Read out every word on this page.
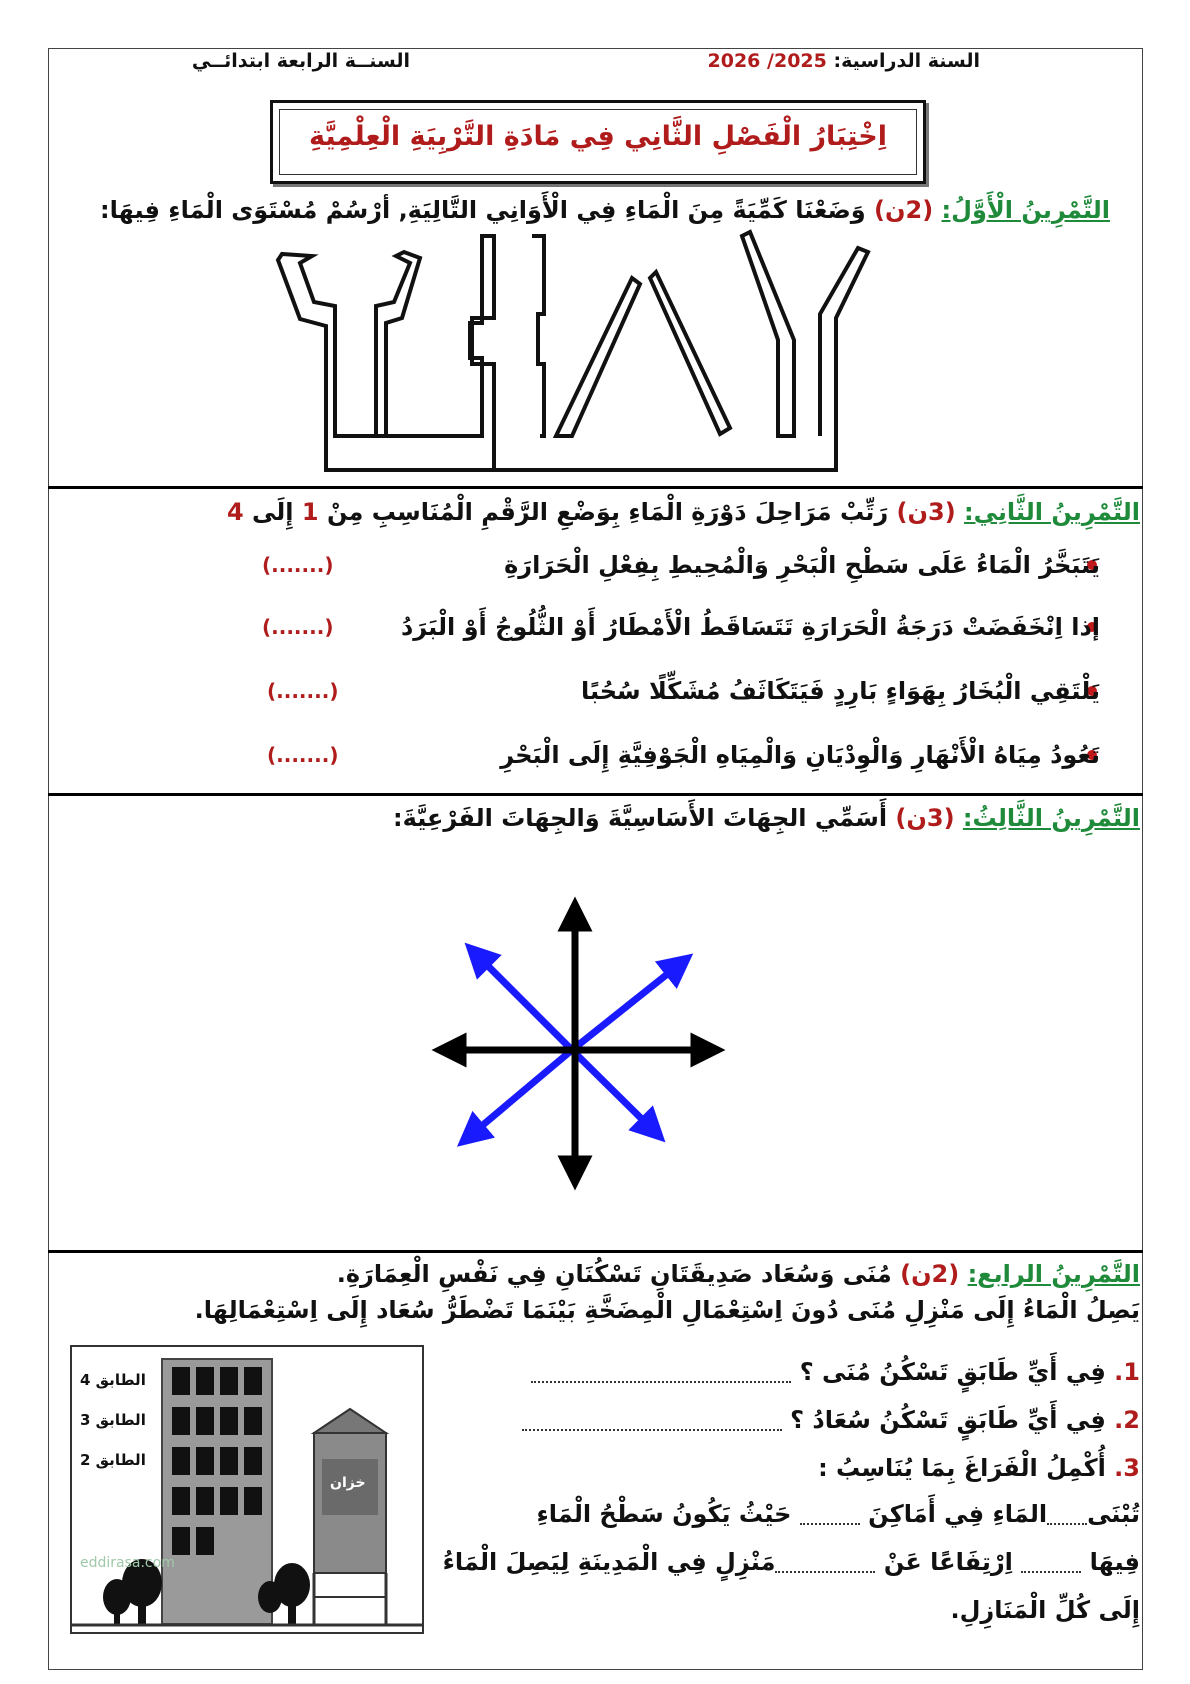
السنة الدراسية: 2025/ 2026
السنــة الرابعة ابتدائــي
اِخْتِبَارُ الْفَصْلِ الثَّانِي فِي مَادَةِ التَّرْبِيَةِ الْعِلْمِيَّةِ
التَّمْرِينُ الْأَوَّلُ: (2ن) وَضَعْنَا كَمِّيَةً مِنَ الْمَاءِ فِي الْأَوَانِي التَّالِيَةِ, أرْسُمْ مُسْتَوَى الْمَاءِ فِيهَا:
التَّمْرِينُ الثَّانِي: (3ن) رَتِّبْ مَرَاحِلَ دَوْرَةِ الْمَاءِ بِوَضْعِ الرَّقْمِ الْمُنَاسِبِ مِنْ 1 إِلَى 4
يَتَبَخَّرُ الْمَاءُ عَلَى سَطْحِ الْبَحْرِ وَالْمُحِيطِ بِفِعْلِ الْحَرَارَةِ
(.......)
إذا اِنْخَفَضَتْ دَرَجَةُ الْحَرَارَةِ تَتَسَاقَطُ الْأَمْطَارُ أَوْ الثُّلُوجُ أَوْ الْبَرَدُ
(.......)
يَلْتَقِي الْبُخَارُ بِهَوَاءٍ بَارِدٍ فَيَتَكَاثَفُ مُشَكِّلًا سُحُبًا
(.......)
تَعُودُ مِيَاهُ الْأَنْهَارِ وَالْوِدْيَانِ وَالْمِيَاهِ الْجَوْفِيَّةِ إِلَى الْبَحْرِ
(.......)
التَّمْرِينُ الثَّالِثُ: (3ن) أَسَمِّي الجِهَاتَ الأَسَاسِيَّةَ وَالجِهَاتَ الفَرْعِيَّةَ:
التَّمْرِينُ الرابع: (2ن) مُنَى وَسُعَاد صَدِيقَتَانِ تَسْكُنَانِ فِي نَفْسِ الْعِمَارَةِ.
يَصِلُ الْمَاءُ إِلَى مَنْزِلِ مُنَى دُونَ اِسْتِعْمَالِ الْمِضَخَّةِ بَيْنَمَا تَضْطَرُّ سُعَاد إِلَى اِسْتِعْمَالِهَا.
الطابق 4
الطابق 3
الطابق 2
خزان
eddirasa.com
1. فِي أَيِّ طَابَقٍ تَسْكُنُ مُنَى ؟
2. فِي أَيِّ طَابَقٍ تَسْكُنُ سُعَادُ ؟
3. أُكْمِلُ الْفَرَاغَ بِمَا يُنَاسِبُ :
تُبْنَىالمَاءِ فِي أَمَاكِنَ  حَيْثُ يَكُونُ سَطْحُ الْمَاءِ
فِيهَا  اِرْتِفَاعًا عَنْ مَنْزِلٍ فِي الْمَدِينَةِ لِيَصِلَ الْمَاءُ
إِلَى كُلِّ الْمَنَازِلِ.
